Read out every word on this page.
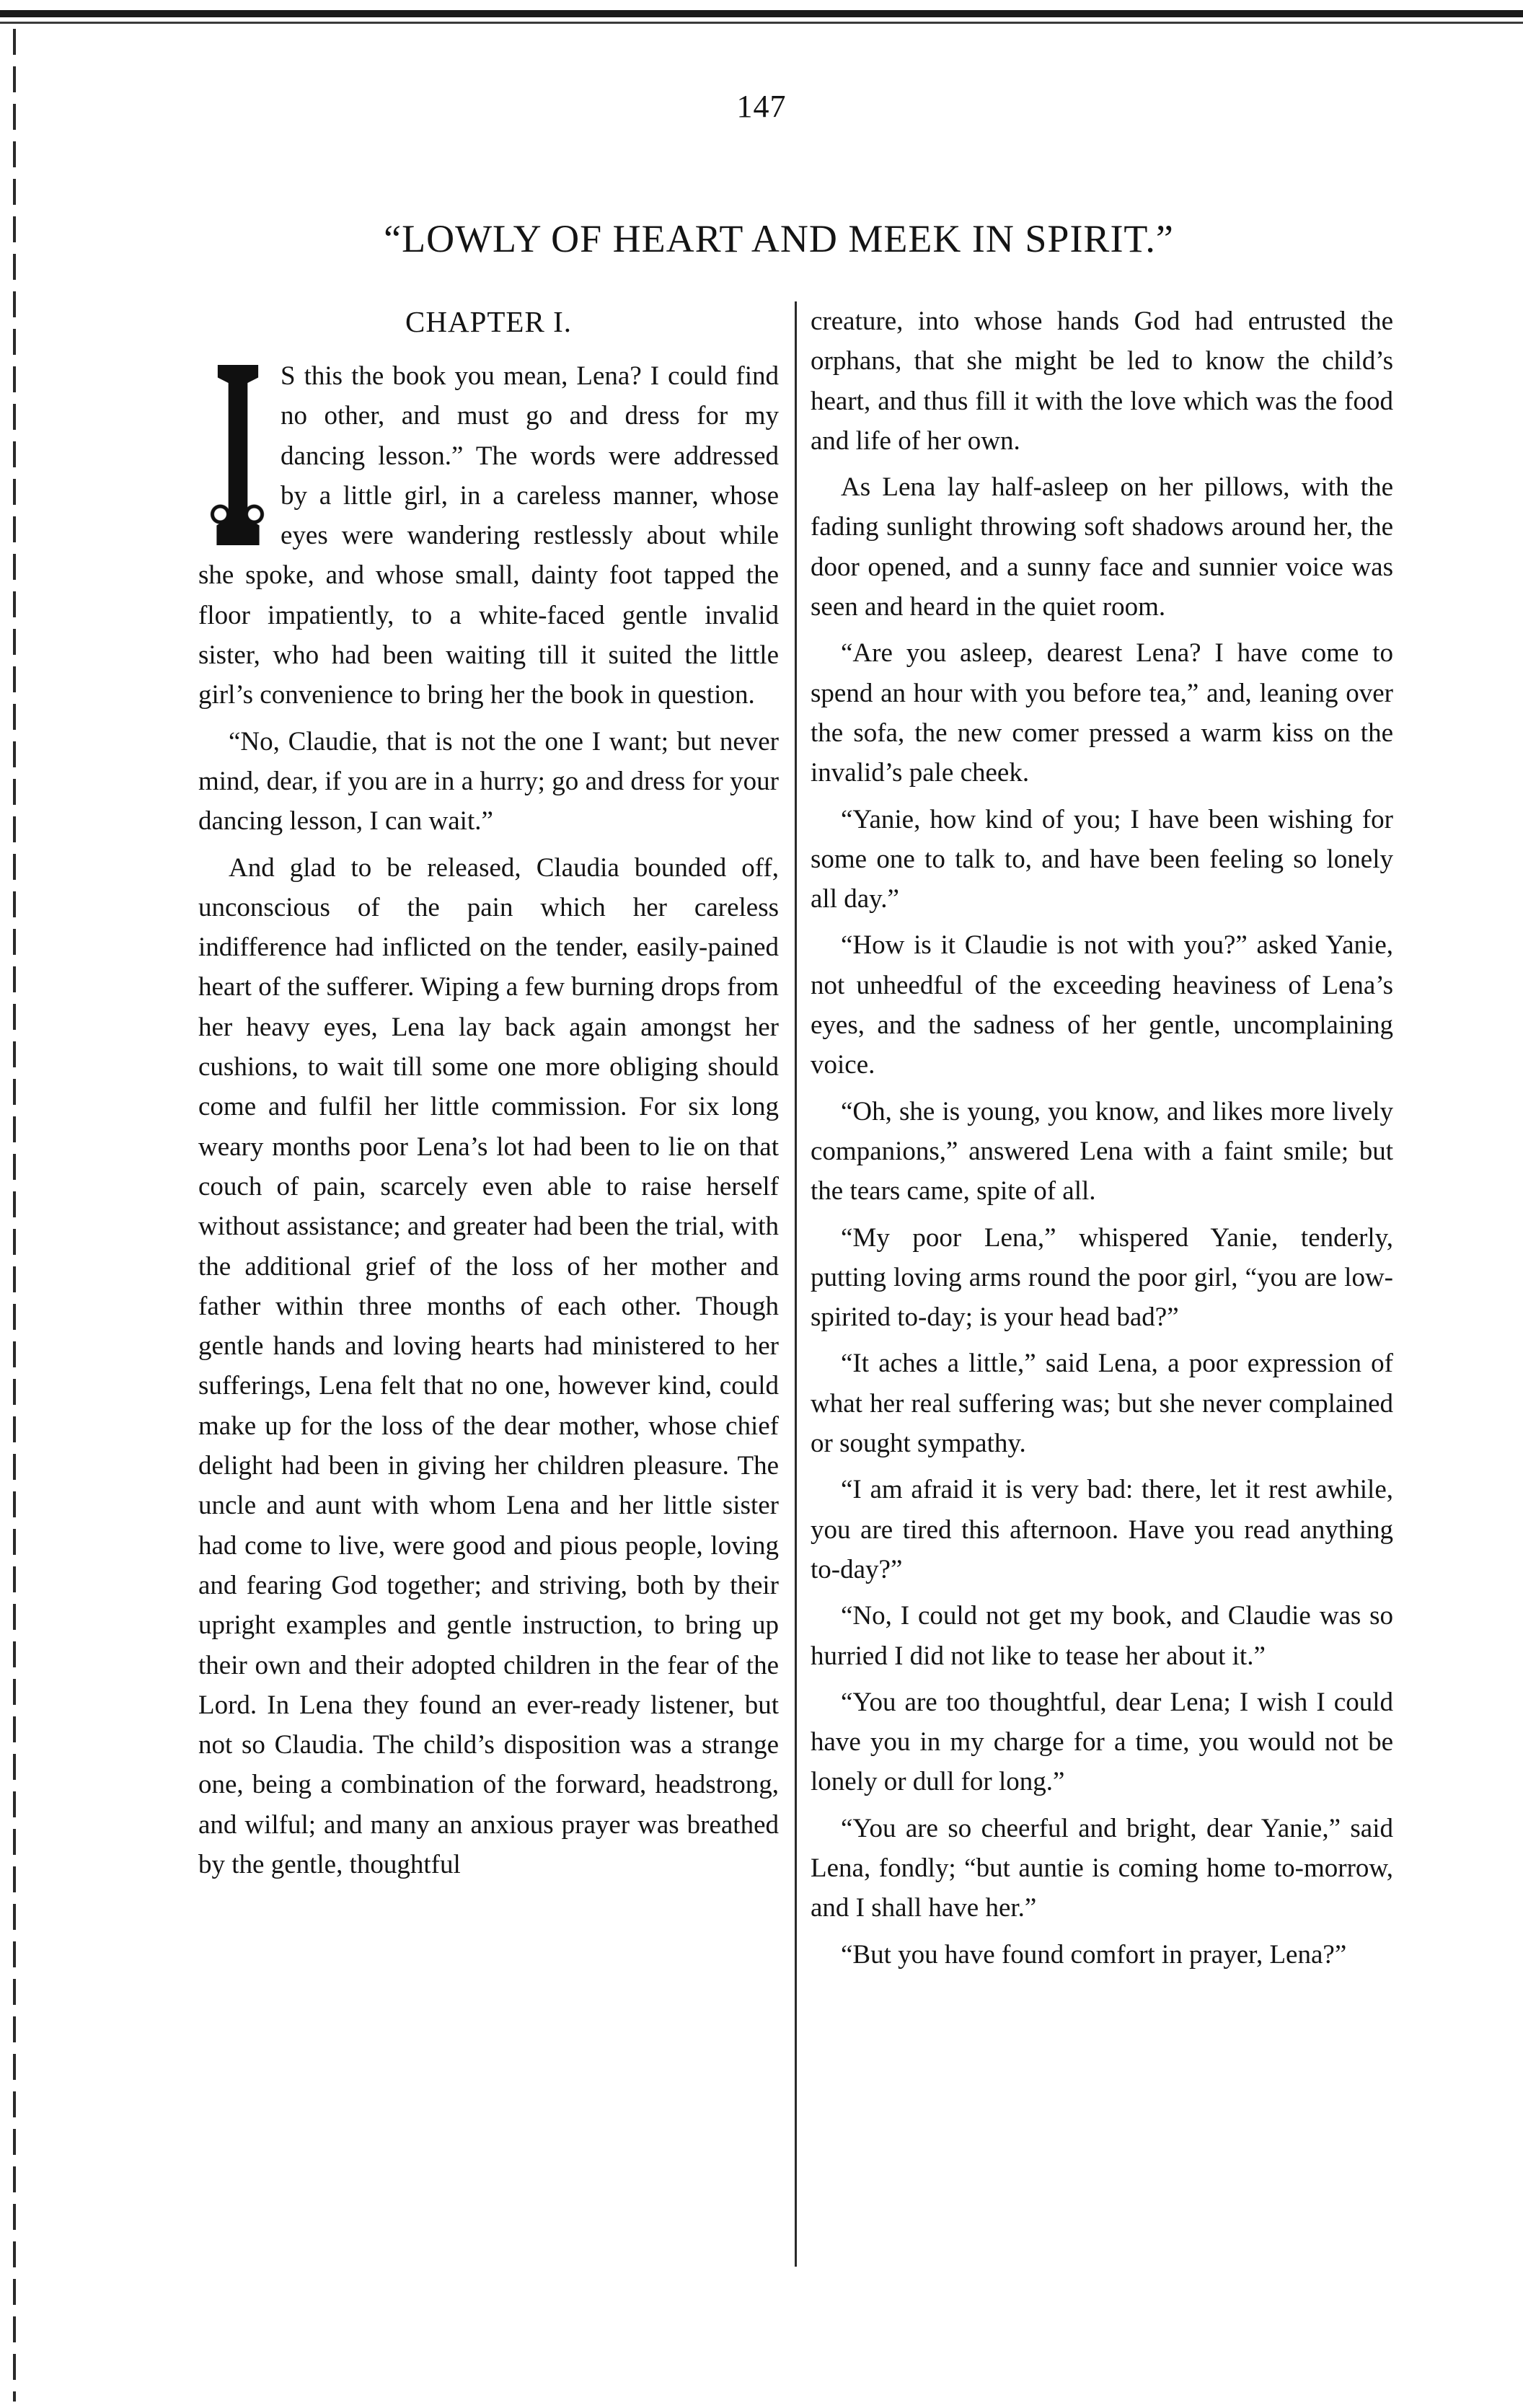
147
“LOWLY OF HEART AND MEEK IN SPIRIT.”
CHAPTER I.

S this the book you mean, Lena? I could find no other, and must go and dress for my dancing lesson.” The words were addressed by a little girl, in a careless manner, whose eyes were wandering restlessly about while she spoke, and whose small, dainty foot tapped the floor impatiently, to a white-faced gentle invalid sister, who had been waiting till it suited the little girl’s convenience to bring her the book in question.

“No, Claudie, that is not the one I want; but never mind, dear, if you are in a hurry; go and dress for your dancing lesson, I can wait.”

And glad to be released, Claudia bounded off, unconscious of the pain which her careless indifference had inflicted on the tender, easily-pained heart of the sufferer. Wiping a few burning drops from her heavy eyes, Lena lay back again amongst her cushions, to wait till some one more obliging should come and fulfil her little commission. For six long weary months poor Lena’s lot had been to lie on that couch of pain, scarcely even able to raise herself without assistance; and greater had been the trial, with the additional grief of the loss of her mother and father within three months of each other. Though gentle hands and loving hearts had ministered to her sufferings, Lena felt that no one, however kind, could make up for the loss of the dear mother, whose chief delight had been in giving her children pleasure. The uncle and aunt with whom Lena and her little sister had come to live, were good and pious people, loving and fearing God together; and striving, both by their upright examples and gentle instruction, to bring up their own and their adopted children in the fear of the Lord. In Lena they found an ever-ready listener, but not so Claudia. The child’s disposition was a strange one, being a combination of the forward, headstrong, and wilful; and many an anxious prayer was breathed by the gentle, thoughtful

creature, into whose hands God had entrusted the orphans, that she might be led to know the child’s heart, and thus fill it with the love which was the food and life of her own.

As Lena lay half-asleep on her pillows, with the fading sunlight throwing soft shadows around her, the door opened, and a sunny face and sunnier voice was seen and heard in the quiet room.

“Are you asleep, dearest Lena? I have come to spend an hour with you before tea,” and, leaning over the sofa, the new comer pressed a warm kiss on the invalid’s pale cheek.

“Yanie, how kind of you; I have been wishing for some one to talk to, and have been feeling so lonely all day.”

“How is it Claudie is not with you?” asked Yanie, not unheedful of the exceeding heaviness of Lena’s eyes, and the sadness of her gentle, uncomplaining voice.

“Oh, she is young, you know, and likes more lively companions,” answered Lena with a faint smile; but the tears came, spite of all.

“My poor Lena,” whispered Yanie, tenderly, putting loving arms round the poor girl, “you are low-spirited to-day; is your head bad?”

“It aches a little,” said Lena, a poor expression of what her real suffering was; but she never complained or sought sympathy.

“I am afraid it is very bad: there, let it rest awhile, you are tired this afternoon. Have you read anything to-day?”

“No, I could not get my book, and Claudie was so hurried I did not like to tease her about it.”

“You are too thoughtful, dear Lena; I wish I could have you in my charge for a time, you would not be lonely or dull for long.”

“You are so cheerful and bright, dear Yanie,” said Lena, fondly; “but auntie is coming home to-morrow, and I shall have her.”

“But you have found comfort in prayer, Lena?”
